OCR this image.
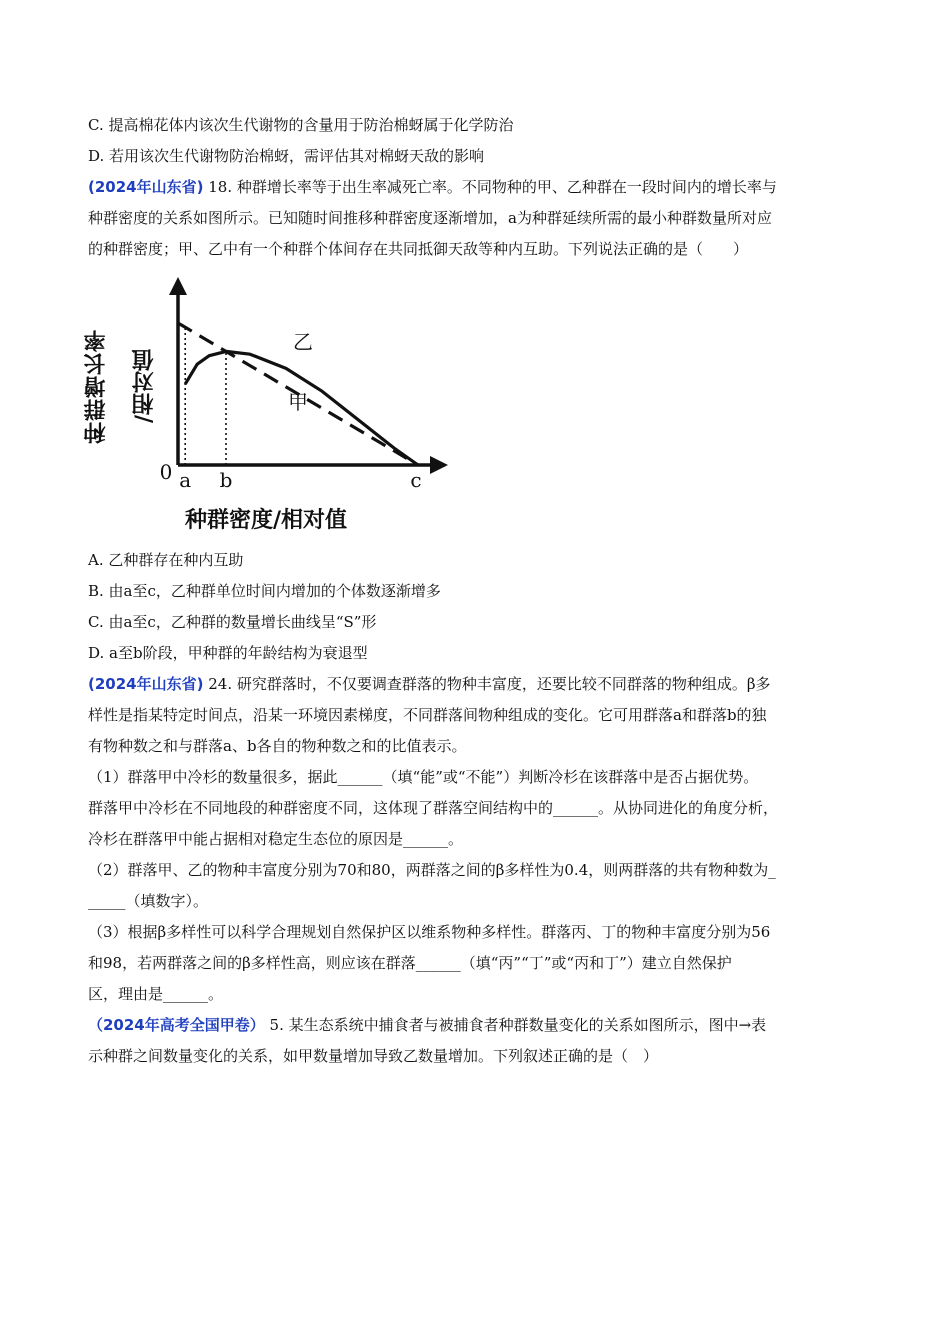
C. 提高棉花体内该次生代谢物的含量用于防治棉蚜属于化学防治
D. 若用该次生代谢物防治棉蚜，需评估其对棉蚜天敌的影响
(2024年山东省) 18. 种群增长率等于出生率减死亡率。不同物种的甲、乙种群在一段时间内的增长率与
种群密度的关系如图所示。已知随时间推移种群密度逐渐增加，a为种群延续所需的最小种群数量所对应
的种群密度；甲、乙中有一个种群个体间存在共同抵御天敌等种内互助。下列说法正确的是（　　）
a b	c
0
乙
甲
种群增长率 /相对值
种群密度/相对值
A. 乙种群存在种内互助
B. 由a至c，乙种群单位时间内增加的个体数逐渐增多
C. 由a至c，乙种群的数量增长曲线呈“S”形
D. a至b阶段，甲种群的年龄结构为衰退型
(2024年山东省) 24. 研究群落时，不仅要调查群落的物种丰富度，还要比较不同群落的物种组成。β多
样性是指某特定时间点，沿某一环境因素梯度，不同群落间物种组成的变化。它可用群落a和群落b的独
有物种数之和与群落a、b各自的物种数之和的比值表示。
（1）群落甲中冷杉的数量很多，据此______（填“能”或“不能”）判断冷杉在该群落中是否占据优势。
群落甲中冷杉在不同地段的种群密度不同，这体现了群落空间结构中的______。从协同进化的角度分析，
冷杉在群落甲中能占据相对稳定生态位的原因是______。
（2）群落甲、乙的物种丰富度分别为70和80，两群落之间的β多样性为0.4，则两群落的共有物种数为_
_____（填数字）。
（3）根据β多样性可以科学合理规划自然保护区以维系物种多样性。群落丙、丁的物种丰富度分别为56
和98，若两群落之间的β多样性高，则应该在群落______（填“丙”“丁”或“丙和丁”）建立自然保护
区，理由是______。
（2024年高考全国甲卷） 5. 某生态系统中捕食者与被捕食者种群数量变化的关系如图所示，图中→表
示种群之间数量变化的关系，如甲数量增加导致乙数量增加。下列叙述正确的是（　）
